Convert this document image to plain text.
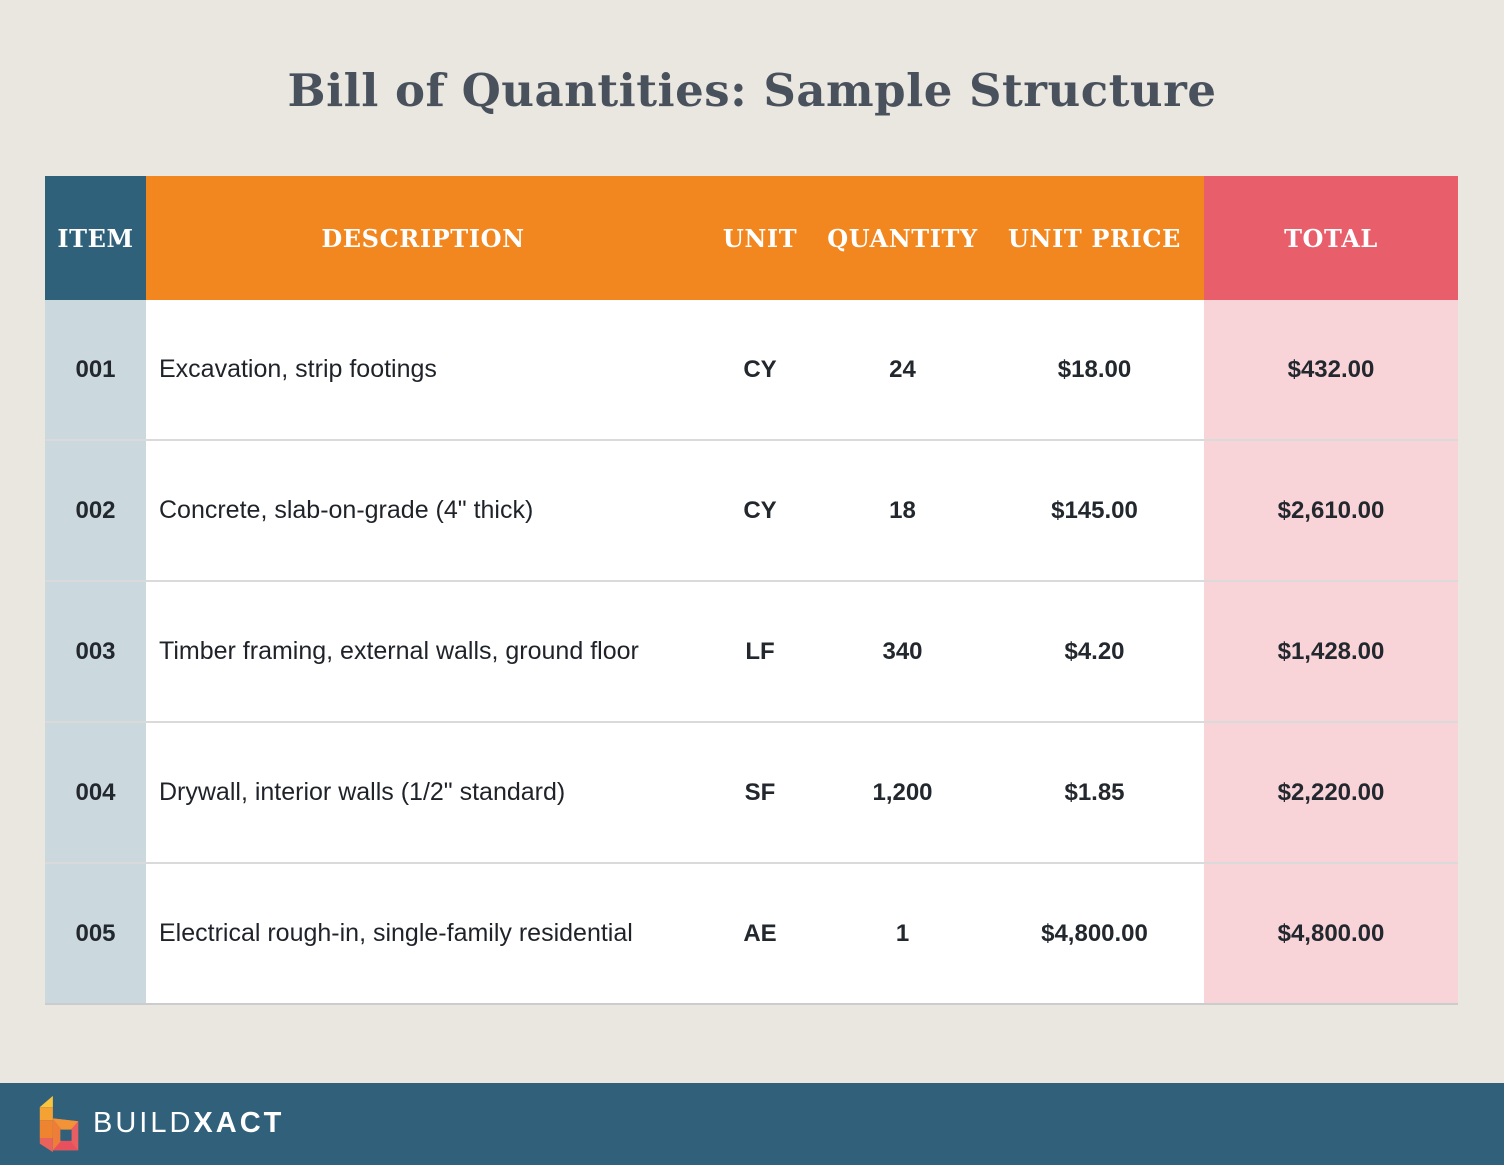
Bill of Quantities: Sample Structure
ITEM	DESCRIPTION	UNIT	QUANTITY	UNIT PRICE	TOTAL
001	Excavation, strip footings	CY	24	$18.00	$432.00
002	Concrete, slab-on-grade (4" thick)	CY	18	$145.00	$2,610.00
003	Timber framing, external walls, ground floor	LF	340	$4.20	$1,428.00
004	Drywall, interior walls (1/2" standard)	SF	1,200	$1.85	$2,220.00
005	Electrical rough-in, single-family residential	AE	1	$4,800.00	$4,800.00
BUILDXACT
